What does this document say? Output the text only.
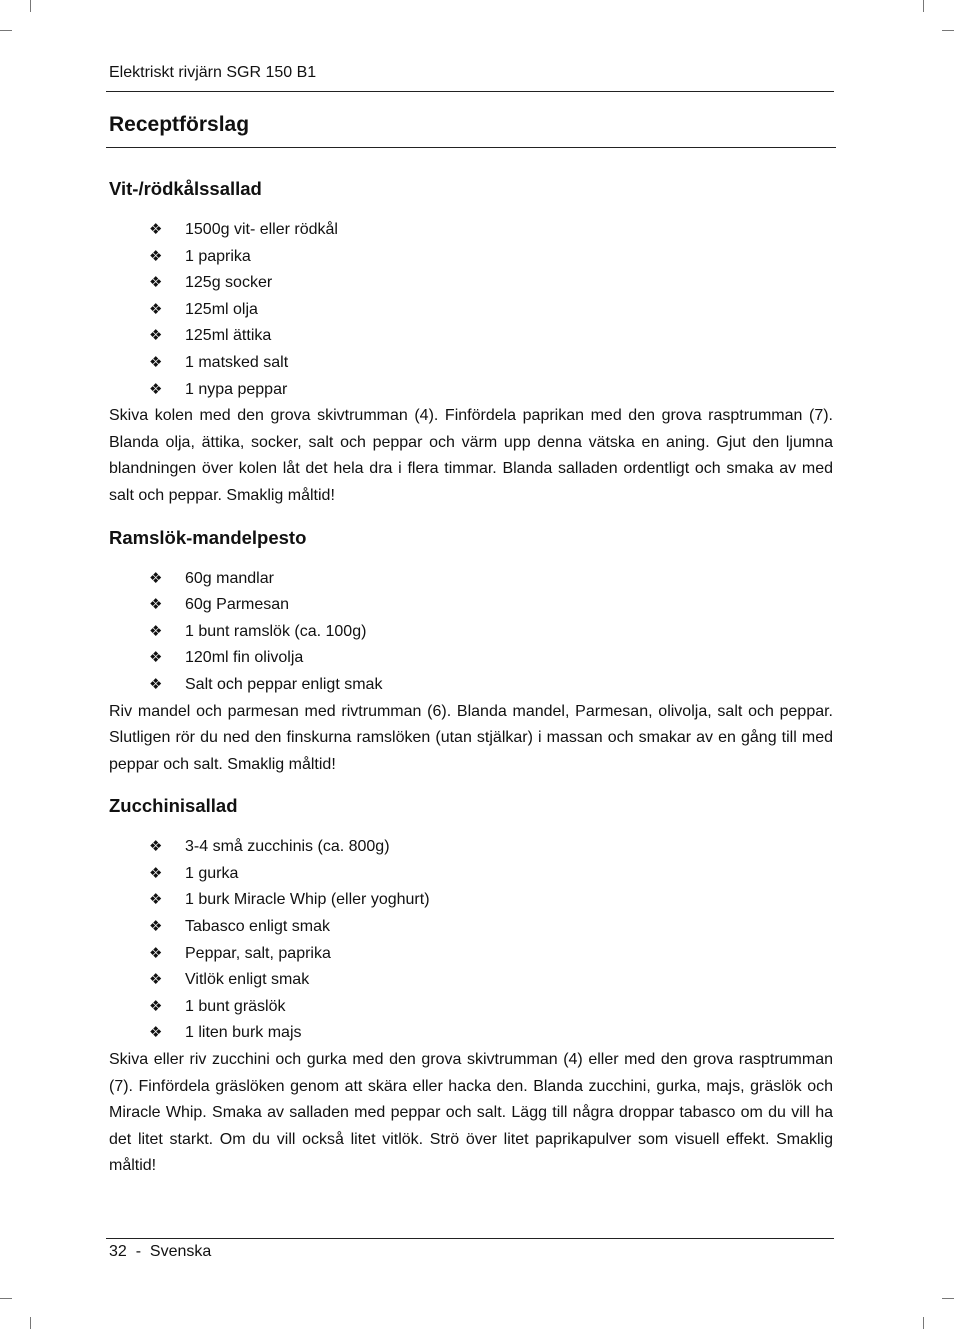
Elektriskt rivjärn SGR 150 B1
Receptförslag
Vit-/rödkålssallad
❖ 1500g vit- eller rödkål
❖ 1 paprika
❖ 125g socker
❖ 125ml olja
❖ 125ml ättika
❖ 1 matsked salt
❖ 1 nypa peppar

Skiva kolen med den grova skivtrumman (4). Finfördela paprikan med den grova rasptrumman (7). Blanda olja, ättika, socker, salt och peppar och värm upp denna vätska en aning. Gjut den ljumna blandningen över kolen låt det hela dra i flera timmar. Blanda salladen ordentligt och smaka av med salt och peppar. Smaklig måltid!

Ramslök-mandelpesto
❖ 60g mandlar
❖ 60g Parmesan
❖ 1 bunt ramslök (ca. 100g)
❖ 120ml fin olivolja
❖ Salt och peppar enligt smak

Riv mandel och parmesan med rivtrumman (6). Blanda mandel, Parmesan, olivolja, salt och peppar. Slutligen rör du ned den finskurna ramslöken (utan stjälkar) i massan och smakar av en gång till med peppar och salt. Smaklig måltid!

Zucchinisallad
❖ 3-4 små zucchinis (ca. 800g)
❖ 1 gurka
❖ 1 burk Miracle Whip (eller yoghurt)
❖ Tabasco enligt smak
❖ Peppar, salt, paprika
❖ Vitlök enligt smak
❖ 1 bunt gräslök
❖ 1 liten burk majs

Skiva eller riv zucchini och gurka med den grova skivtrumman (4) eller med den grova rasptrumman (7). Finfördela gräslöken genom att skära eller hacka den. Blanda zucchini, gurka, majs, gräslök och Miracle Whip. Smaka av salladen med peppar och salt. Lägg till några droppar tabasco om du vill ha det litet starkt. Om du vill också litet vitlök. Strö över litet paprikapulver som visuell effekt. Smaklig måltid!

32 - Svenska
